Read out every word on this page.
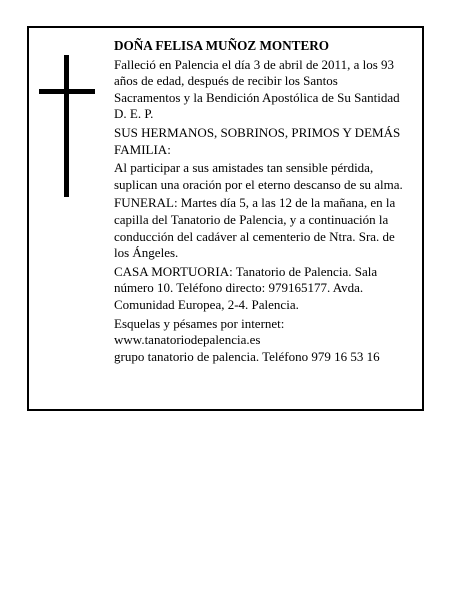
DOÑA FELISA MUÑOZ MONTERO

Falleció en Palencia el día 3 de abril de 2011, a los 93

años de edad, después de recibir los Santos

Sacramentos y la Bendición Apostólica de Su Santidad

D. E. P.

SUS HERMANOS, SOBRINOS, PRIMOS Y DEMÁS

FAMILIA:

Al participar a sus amistades tan sensible pérdida,

suplican una oración por el eterno descanso de su alma.

FUNERAL: Martes día 5, a las 12 de la mañana, en la

capilla del Tanatorio de Palencia, y a continuación la

conducción del cadáver al cementerio de Ntra. Sra. de

los Ángeles.

CASA MORTUORIA: Tanatorio de Palencia. Sala

número 10. Teléfono directo: 979165177. Avda.

Comunidad Europea, 2-4. Palencia.

Esquelas y pésames por internet:

www.tanatoriodepalencia.es

grupo tanatorio de palencia. Teléfono 979 16 53 16
